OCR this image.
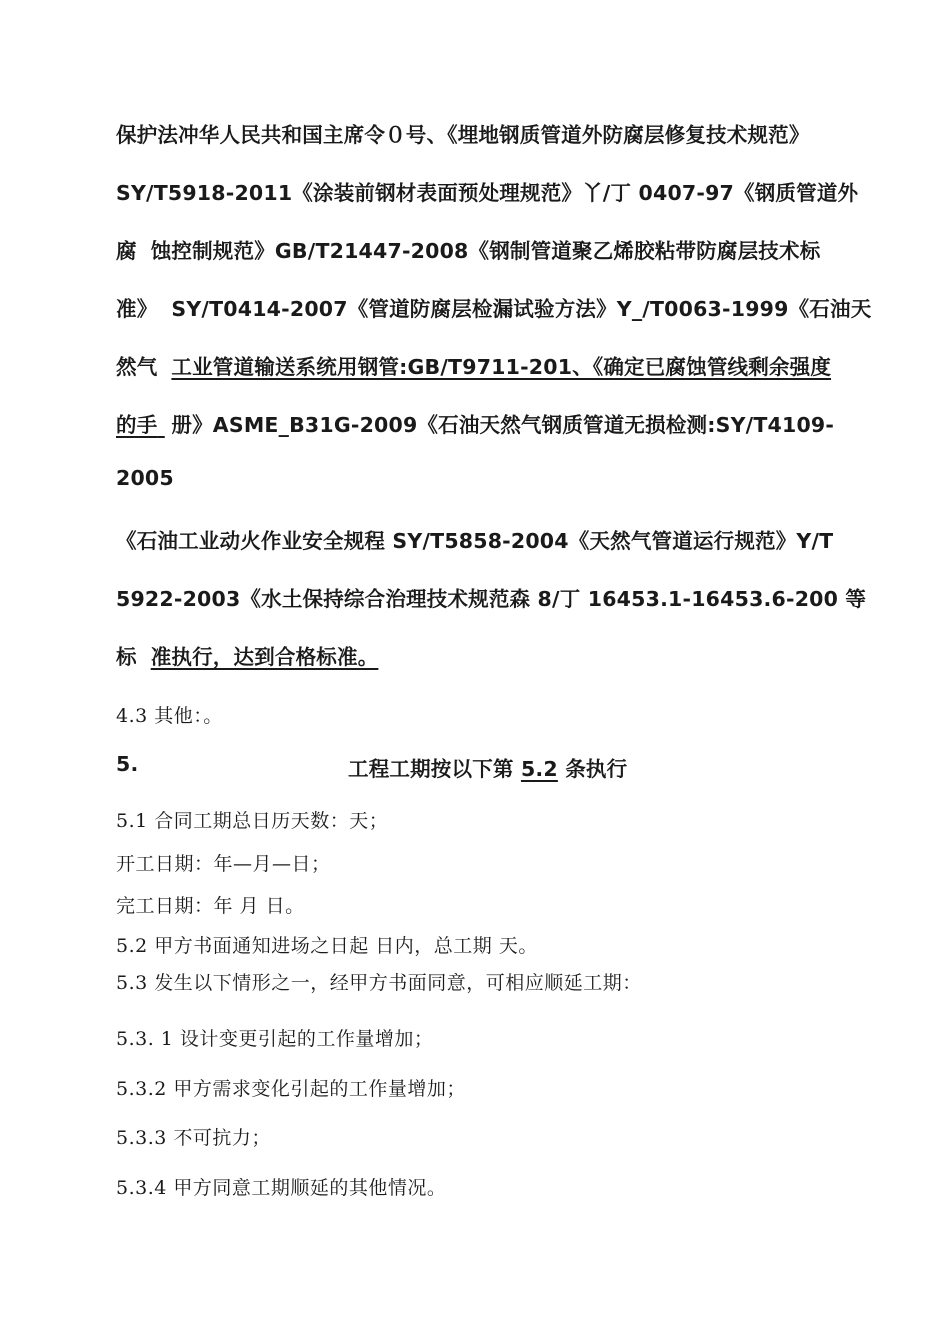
保护法冲华人民共和国主席令０号、《埋地钢质管道外防腐层修复技术规范》
SY/T5918-2011《涂装前钢材表面预处理规范》丫/丁 0407-97《钢质管道外
腐 蚀控制规范》GB/T21447-2008《钢制管道聚乙烯胶粘带防腐层技术标
准》 SY/T0414-2007《管道防腐层检漏试验方法》Y_/T0063-1999《石油天
然气 工业管道输送系统用钢管:GB/T9711-201、《确定已腐蚀管线剩余强度
的手 册》ASME_B31G-2009《石油天然气钢质管道无损检测:SY/T4109-
2005
《石油工业动火作业安全规程 SY/T5858-2004《天然气管道运行规范》Y/T
5922-2003《水土保持综合治理技术规范森 8/丁 16453.1-16453.6-200 等
标 准执行，达到合格标准。
4.3 其他：。
5.	工程工期按以下第 5.2 条执行
5.1 合同工期总日历天数：天；
开工日期：年—月—日；
完工日期：年 月 日。
5.2 甲方书面通知进场之日起 日内，总工期 天。
5.3 发生以下情形之一，经甲方书面同意，可相应顺延工期：
5.3. 1 设计变更引起的工作量增加；
5.3.2 甲方需求变化引起的工作量增加；
5.3.3 不可抗力；
5.3.4 甲方同意工期顺延的其他情况。
